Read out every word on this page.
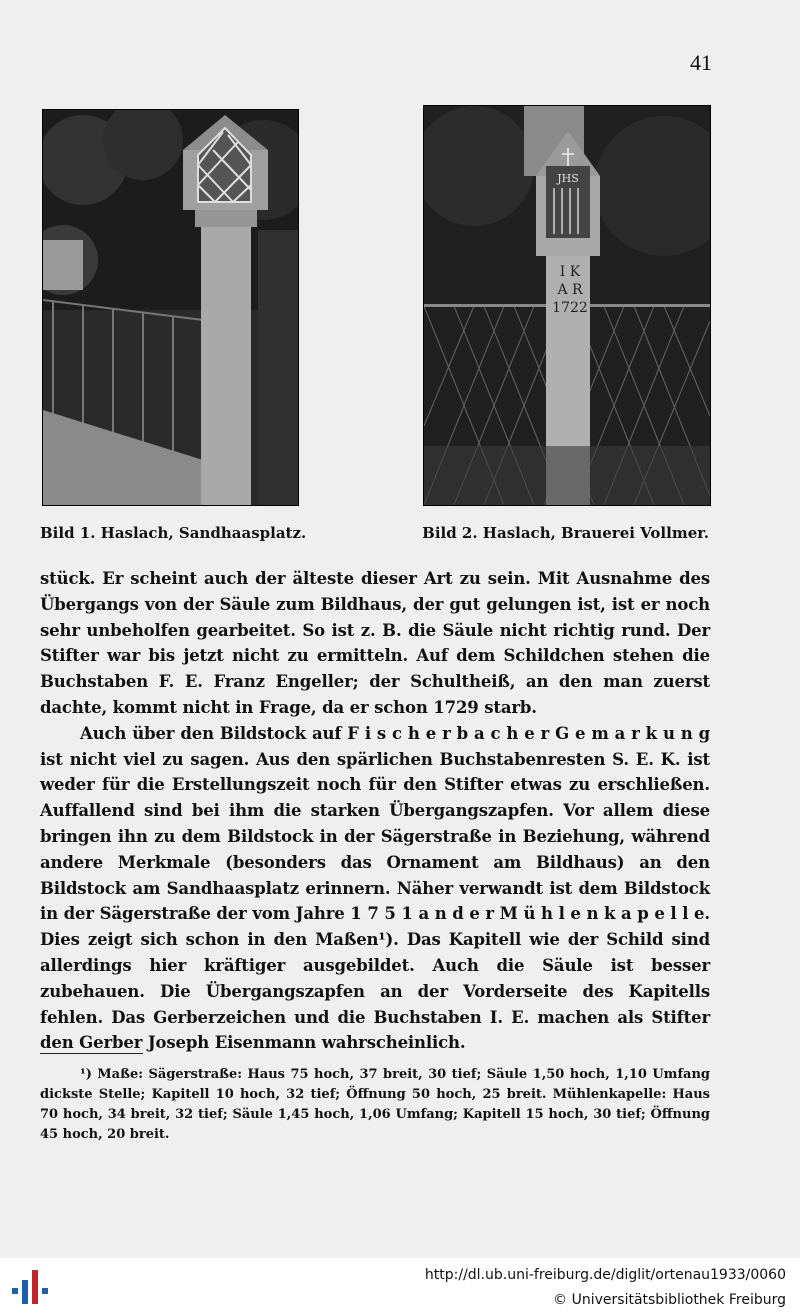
41
JHS
I K
A R
1722
Bild 1. Haslach, Sandhaasplatz.	Bild 2. Haslach, Brauerei Vollmer.

stück. Er scheint auch der älteste dieser Art zu sein. Mit Ausnahme des Übergangs von der Säule zum Bildhaus, der gut gelungen ist, ist er noch sehr unbeholfen gearbeitet. So ist z. B. die Säule nicht richtig rund. Der Stifter war bis jetzt nicht zu ermitteln. Auf dem Schildchen stehen die Buchstaben F. E. Franz Engeller; der Schultheiß, an den man zuerst dachte, kommt nicht in Frage, da er schon 1729 starb.

Auch über den Bildstock auf F i s c h e r b a c h e r G e m a r k u n g ist nicht viel zu sagen. Aus den spärlichen Buchstabenresten S. E. K. ist weder für die Erstellungszeit noch für den Stifter etwas zu erschließen. Auffallend sind bei ihm die starken Übergangszapfen. Vor allem diese bringen ihn zu dem Bildstock in der Sägerstraße in Beziehung, während andere Merkmale (besonders das Ornament am Bildhaus) an den Bildstock am Sandhaasplatz erinnern. Näher verwandt ist dem Bildstock in der Sägerstraße der vom Jahre 1 7 5 1 a n d e r M ü h l e n k a p e l l e. Dies zeigt sich schon in den Maßen¹). Das Kapitell wie der Schild sind allerdings hier kräftiger ausgebildet. Auch die Säule ist besser zubehauen. Die Übergangszapfen an der Vorderseite des Kapitells fehlen. Das Gerberzeichen und die Buchstaben I. E. machen als Stifter den Gerber Joseph Eisenmann wahrscheinlich.

¹) Maße: Sägerstraße: Haus 75 hoch, 37 breit, 30 tief; Säule 1,50 hoch, 1,10 Umfang dickste Stelle; Kapitell 10 hoch, 32 tief; Öffnung 50 hoch, 25 breit. Mühlenkapelle: Haus 70 hoch, 34 breit, 32 tief; Säule 1,45 hoch, 1,06 Umfang; Kapitell 15 hoch, 30 tief; Öffnung 45 hoch, 20 breit.
http://dl.ub.uni-freiburg.de/diglit/ortenau1933/0060
© Universitätsbibliothek Freiburg
